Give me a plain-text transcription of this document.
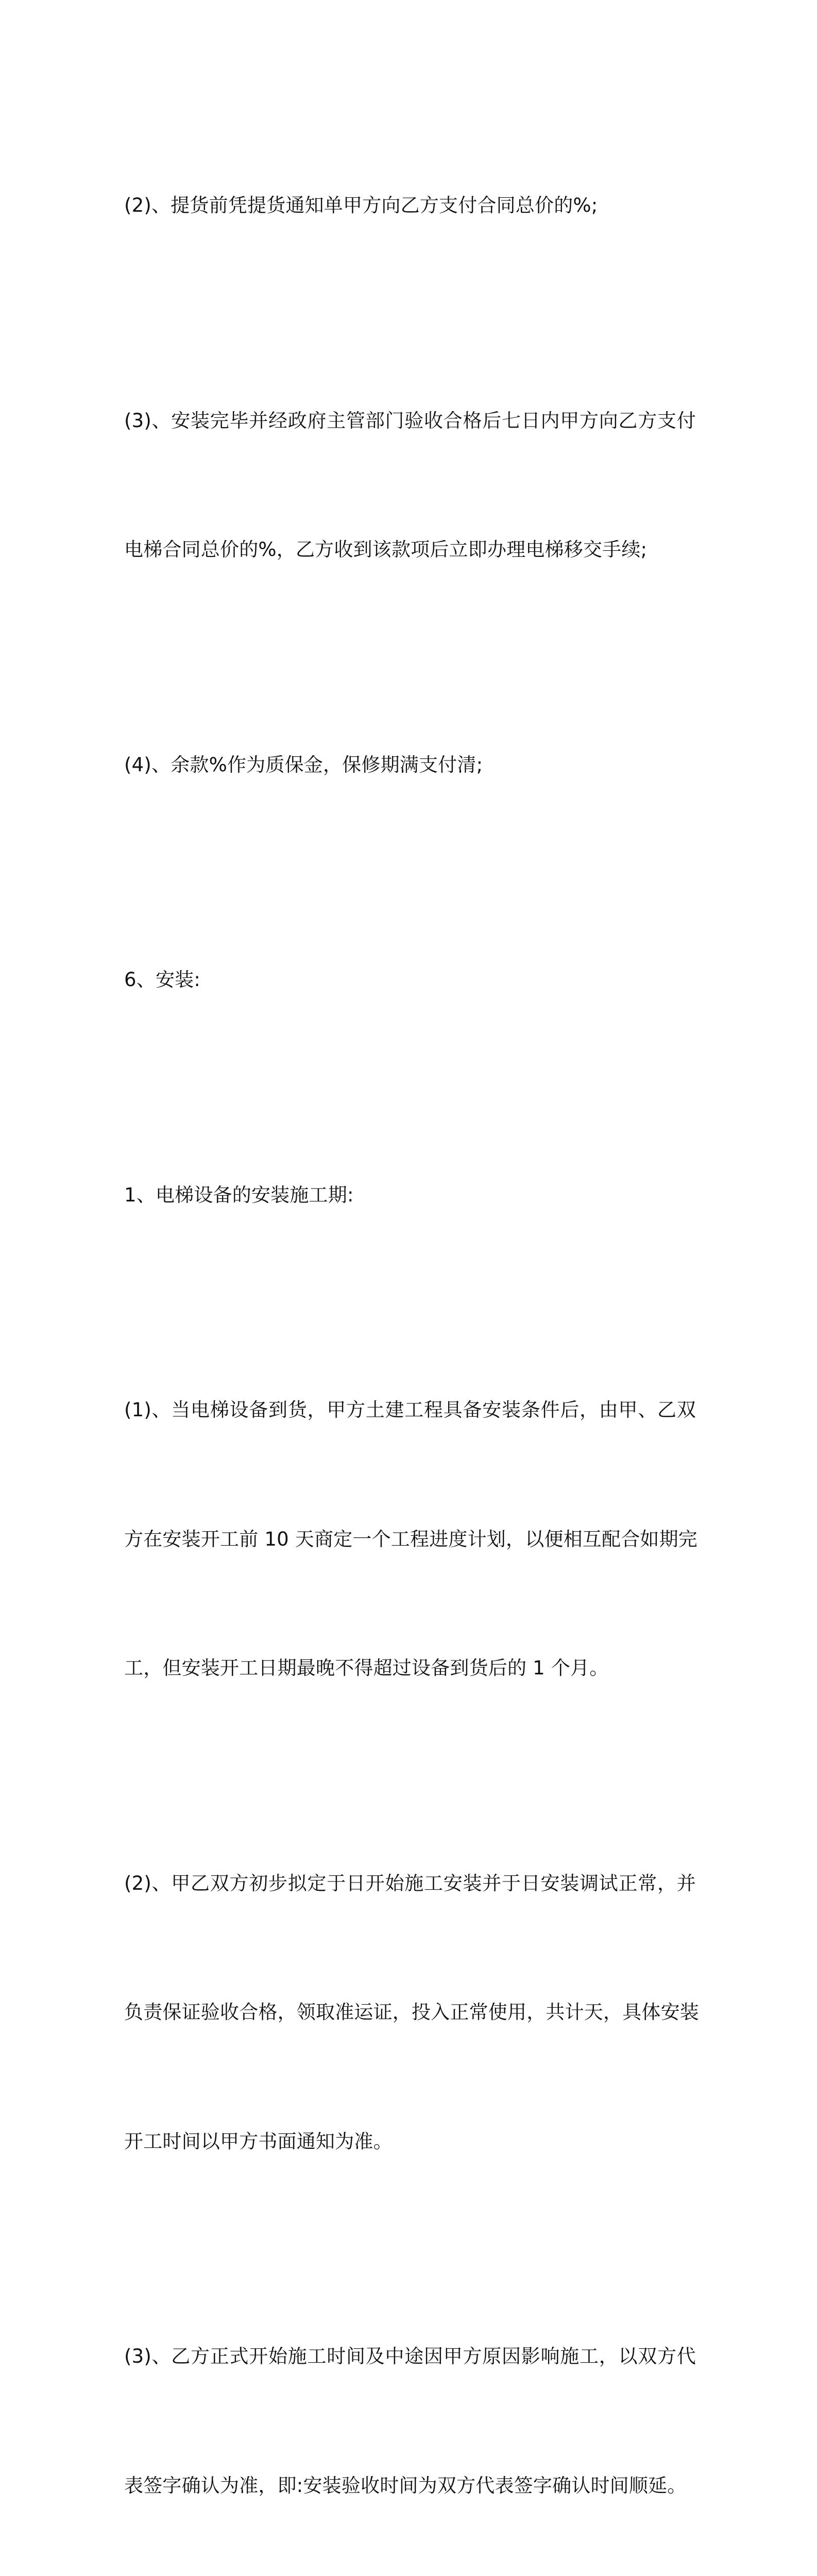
(2)、提货前凭提货通知单甲方向乙方支付合同总价的%;

(3)、安装完毕并经政府主管部门验收合格后七日内甲方向乙方支付

电梯合同总价的%，乙方收到该款项后立即办理电梯移交手续;

(4)、余款%作为质保金，保修期满支付清;

6、安装:

1、电梯设备的安装施工期:

(1)、当电梯设备到货，甲方土建工程具备安装条件后，由甲、乙双

方在安装开工前 10 天商定一个工程进度计划，以便相互配合如期完

工，但安装开工日期最晚不得超过设备到货后的 1 个月。

(2)、甲乙双方初步拟定于日开始施工安装并于日安装调试正常，并

负责保证验收合格，领取准运证，投入正常使用，共计天，具体安装

开工时间以甲方书面通知为准。

(3)、乙方正式开始施工时间及中途因甲方原因影响施工，以双方代

表签字确认为准，即:安装验收时间为双方代表签字确认时间顺延。
